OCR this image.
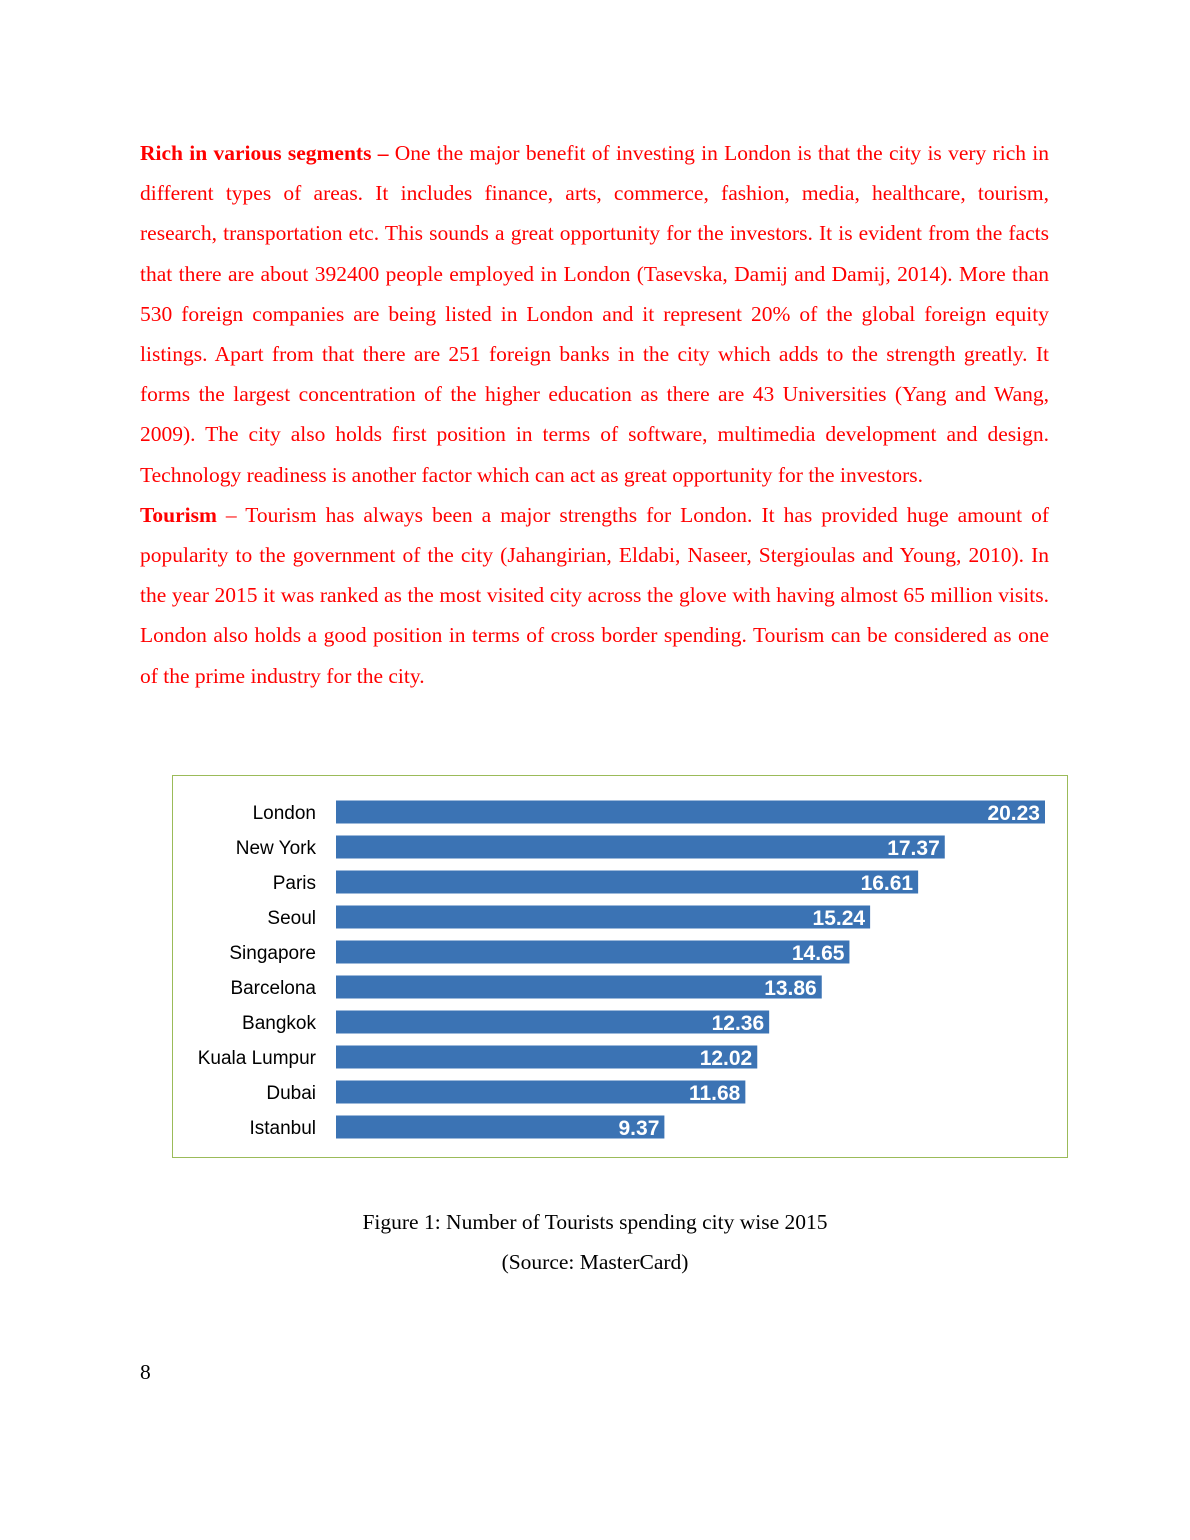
Rich in various segments – One the major benefit of investing in London is that the city is very rich in different types of areas. It includes finance, arts, commerce, fashion, media, healthcare, tourism, research, transportation etc. This sounds a great opportunity for the investors. It is evident from the facts that there are about 392400 people employed in London (Tasevska, Damij and Damij, 2014). More than 530 foreign companies are being listed in London and it represent 20% of the global foreign equity listings. Apart from that there are 251 foreign banks in the city which adds to the strength greatly. It forms the largest concentration of the higher education as there are 43 Universities (Yang and Wang, 2009). The city also holds first position in terms of software, multimedia development and design. Technology readiness is another factor which can act as great opportunity for the investors.

Tourism – Tourism has always been a major strengths for London. It has provided huge amount of popularity to the government of the city (Jahangirian, Eldabi, Naseer, Stergioulas and Young, 2010). In the year 2015 it was ranked as the most visited city across the glove with having almost 65 million visits. London also holds a good position in terms of cross border spending. Tourism can be considered as one of the prime industry for the city.

London	20.23
New York	17.37
Paris	16.61
Seoul	15.24
Singapore	14.65
Barcelona	13.86
Bangkok	12.36
Kuala Lumpur	12.02
Dubai	11.68
Istanbul	9.37
Figure 1: Number of Tourists spending city wise 2015
(Source: MasterCard)
8
